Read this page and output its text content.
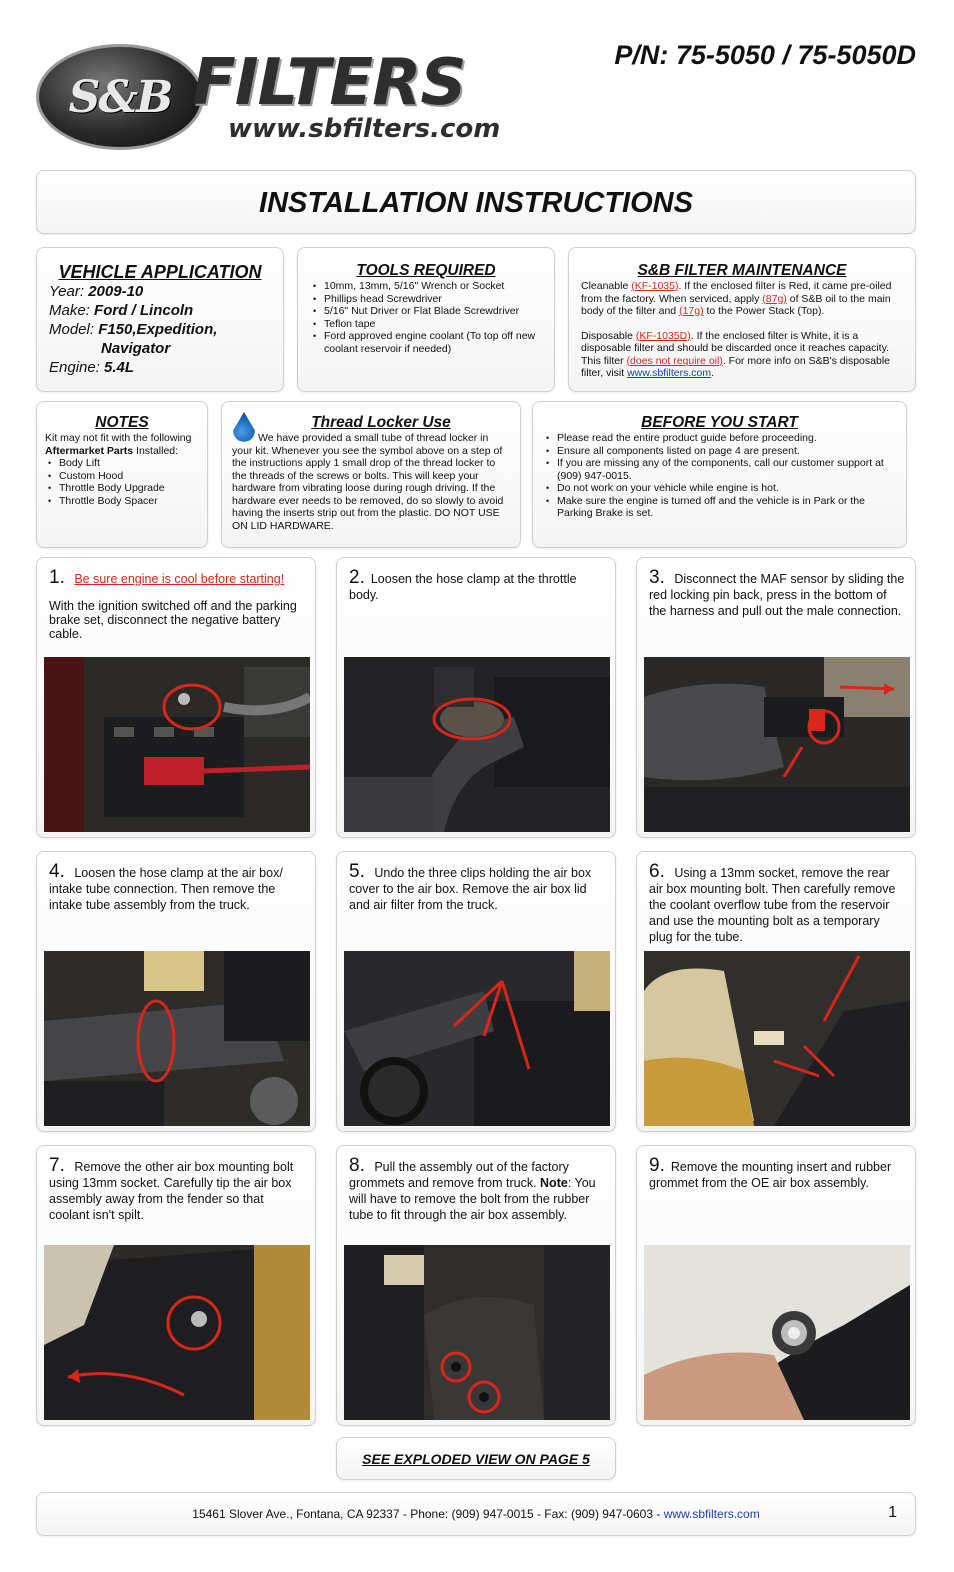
S&B FILTERS
www.sbfilters.com
P/N: 75-5050 / 75-5050D
INSTALLATION INSTRUCTIONS
VEHICLE APPLICATION
Year: 2009-10
Make: Ford / Lincoln
Model: F150,Expedition,
Navigator
Engine: 5.4L
TOOLS REQUIRED
• 10mm, 13mm, 5/16" Wrench or Socket
• Phillips head Screwdriver
• 5/16" Nut Driver or Flat Blade Screwdriver
• Teflon tape
• Ford approved engine coolant (To top off new coolant reservoir if needed)
S&B FILTER MAINTENANCE

Cleanable (KF-1035). If the enclosed filter is Red, it came pre-oiled from the factory. When serviced, apply (87g) of S&B oil to the main body of the filter and (17g) to the Power Stack (Top).

Disposable (KF-1035D). If the enclosed filter is White, it is a disposable filter and should be discarded once it reaches capacity. This filter (does not require oil). For more info on S&B's disposable filter, visit www.sbfilters.com.

NOTES
Kit may not fit with the following
Aftermarket Parts Installed:
• Body Lift
• Custom Hood
• Throttle Body Upgrade
• Throttle Body Spacer
Thread Locker Use
We have provided a small tube of thread locker in your kit. Whenever you see the symbol above on a step of the instructions apply 1 small drop of the thread locker to the threads of the screws or bolts. This will keep your hardware from vibrating loose during rough driving. If the hardware ever needs to be removed, do so slowly to avoid having the inserts strip out from the plastic. DO NOT USE ON LID HARDWARE.
BEFORE YOU START
• Please read the entire product guide before proceeding.
• Ensure all components listed on page 4 are present.
• If you are missing any of the components, call our customer support at (909) 947-0015.
• Do not work on your vehicle while engine is hot.
• Make sure the engine is turned off and the vehicle is in Park or the Parking Brake is set.
1. Be sure engine is cool before starting!
With the ignition switched off and the parking brake set, disconnect the negative battery cable.
2. Loosen the hose clamp at the throttle body.
3. Disconnect the MAF sensor by sliding the red locking pin back, press in the bottom of the harness and pull out the male connection.
4. Loosen the hose clamp at the air box/ intake tube connection. Then remove the intake tube assembly from the truck.
5. Undo the three clips holding the air box cover to the air box. Remove the air box lid and air filter from the truck.
6. Using a 13mm socket, remove the rear air box mounting bolt. Then carefully remove the coolant overflow tube from the reservoir and use the mounting bolt as a temporary plug for the tube.
7. Remove the other air box mounting bolt using 13mm socket. Carefully tip the air box assembly away from the fender so that coolant isn't spilt.
8. Pull the assembly out of the factory grommets and remove from truck. Note: You will have to remove the bolt from the rubber tube to fit through the air box assembly.
9. Remove the mounting insert and rubber grommet from the OE air box assembly.
SEE EXPLODED VIEW ON PAGE 5
15461 Slover Ave., Fontana, CA 92337 - Phone: (909) 947-0015 - Fax: (909) 947-0603 - www.sbfilters.com	1
